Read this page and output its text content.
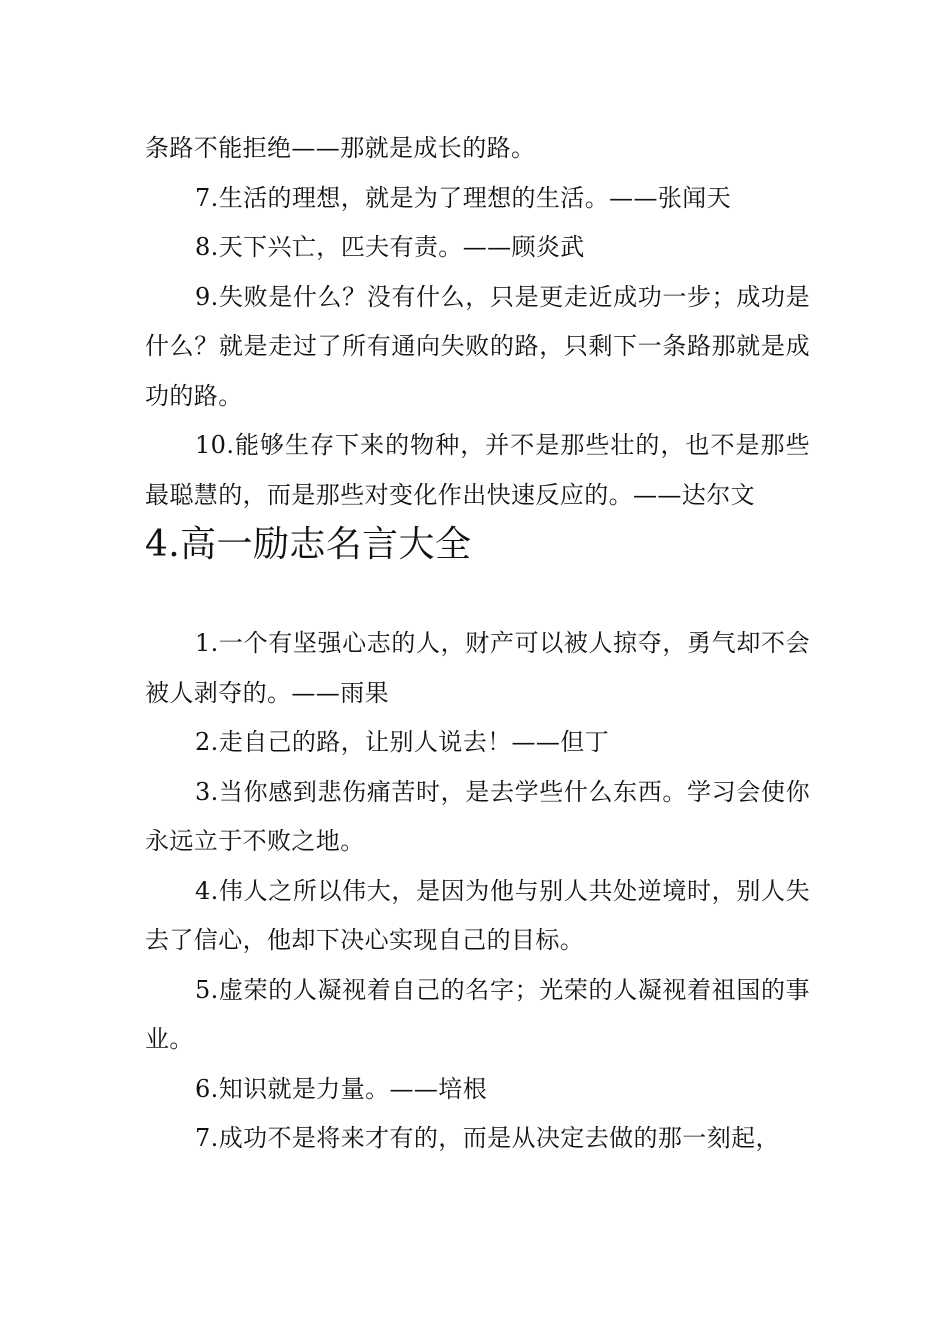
条路不能拒绝——那就是成长的路。

7.生活的理想，就是为了理想的生活。——张闻天

8.天下兴亡，匹夫有责。——顾炎武

9.失败是什么？没有什么，只是更走近成功一步；成功是什么？就是走过了所有通向失败的路，只剩下一条路那就是成功的路。

10.能够生存下来的物种，并不是那些壮的，也不是那些最聪慧的，而是那些对变化作出快速反应的。——达尔文

4.高一励志名言大全

1.一个有坚强心志的人，财产可以被人掠夺，勇气却不会被人剥夺的。——雨果

2.走自己的路，让别人说去！——但丁

3.当你感到悲伤痛苦时，是去学些什么东西。学习会使你永远立于不败之地。

4.伟人之所以伟大，是因为他与别人共处逆境时，别人失去了信心，他却下决心实现自己的目标。

5.虚荣的人凝视着自己的名字；光荣的人凝视着祖国的事业。

6.知识就是力量。——培根

7.成功不是将来才有的，而是从决定去做的那一刻起，
